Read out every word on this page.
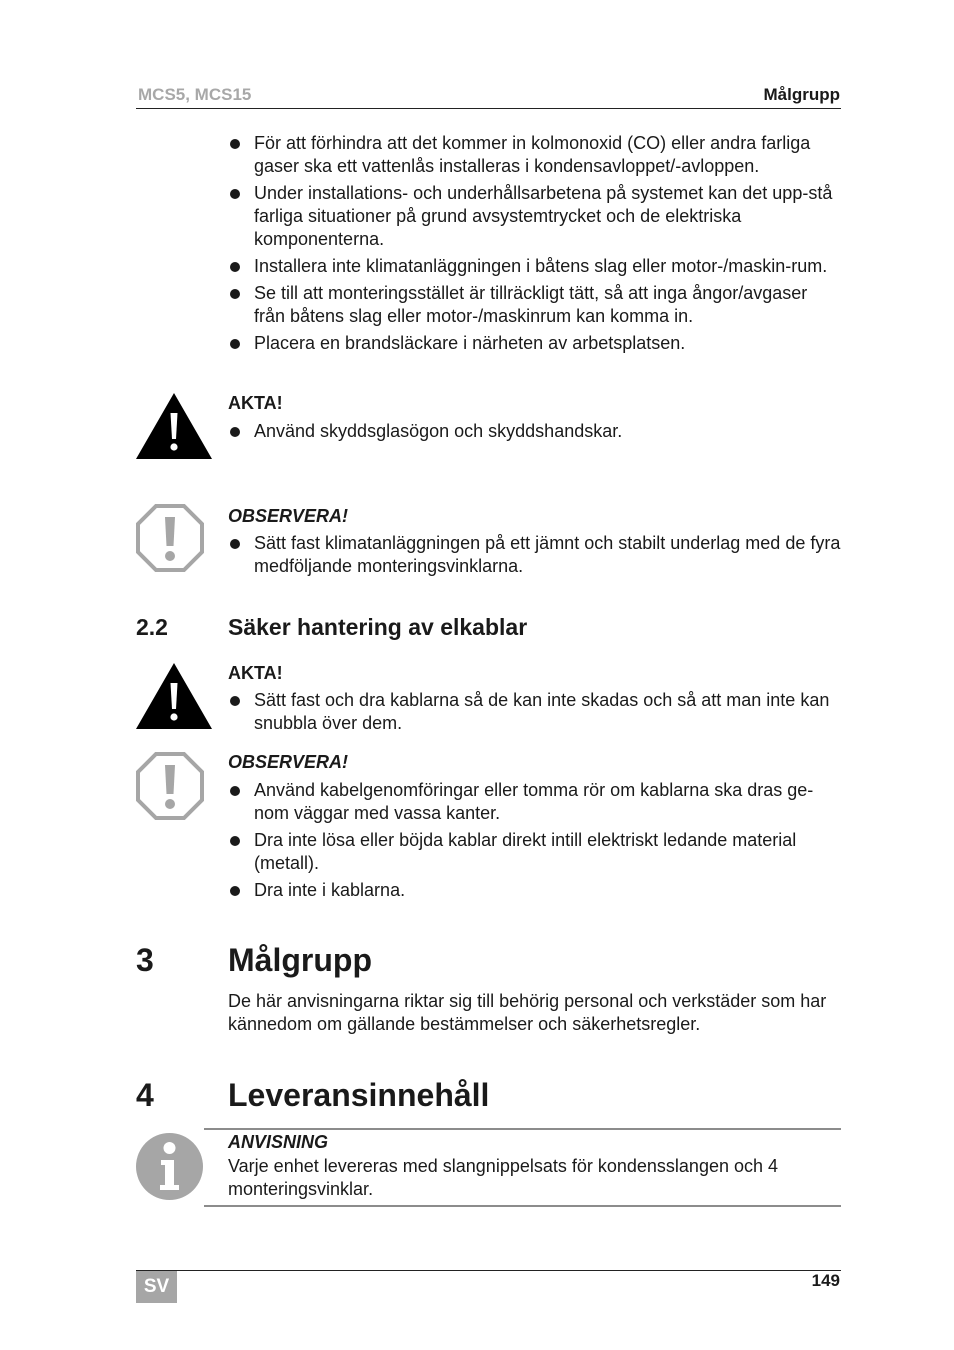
MCS5, MCS15	Målgrupp
För att förhindra att det kommer in kolmonoxid (CO) eller andra farliga gaser ska ett vattenlås installeras i kondensavloppet/-avloppen.
Under installations- och underhållsarbetena på systemet kan det upp-stå farliga situationer på grund avsystemtrycket och de elektriska komponenterna.
Installera inte klimatanläggningen i båtens slag eller motor-/maskin-rum.
Se till att monteringsstället är tillräckligt tätt, så att inga ångor/avgaser från båtens slag eller motor-/maskinrum kan komma in.
Placera en brandsläckare i närheten av arbetsplatsen.
AKTA!
Använd skyddsglasögon och skyddshandskar.
OBSERVERA!
Sätt fast klimatanläggningen på ett jämnt och stabilt underlag med de fyra medföljande monteringsvinklarna.
2.2	Säker hantering av elkablar
AKTA!
Sätt fast och dra kablarna så de kan inte skadas och så att man inte kan snubbla över dem.
OBSERVERA!
Använd kabelgenomföringar eller tomma rör om kablarna ska dras ge-nom väggar med vassa kanter.
Dra inte lösa eller böjda kablar direkt intill elektriskt ledande material (metall).
Dra inte i kablarna.
3 Målgrupp
De här anvisningarna riktar sig till behörig personal och verkstäder som har kännedom om gällande bestämmelser och säkerhetsregler.
4 Leveransinnehåll
ANVISNING
Varje enhet levereras med slangnippelsats för kondensslangen och 4 monteringsvinklar.
SV	149
